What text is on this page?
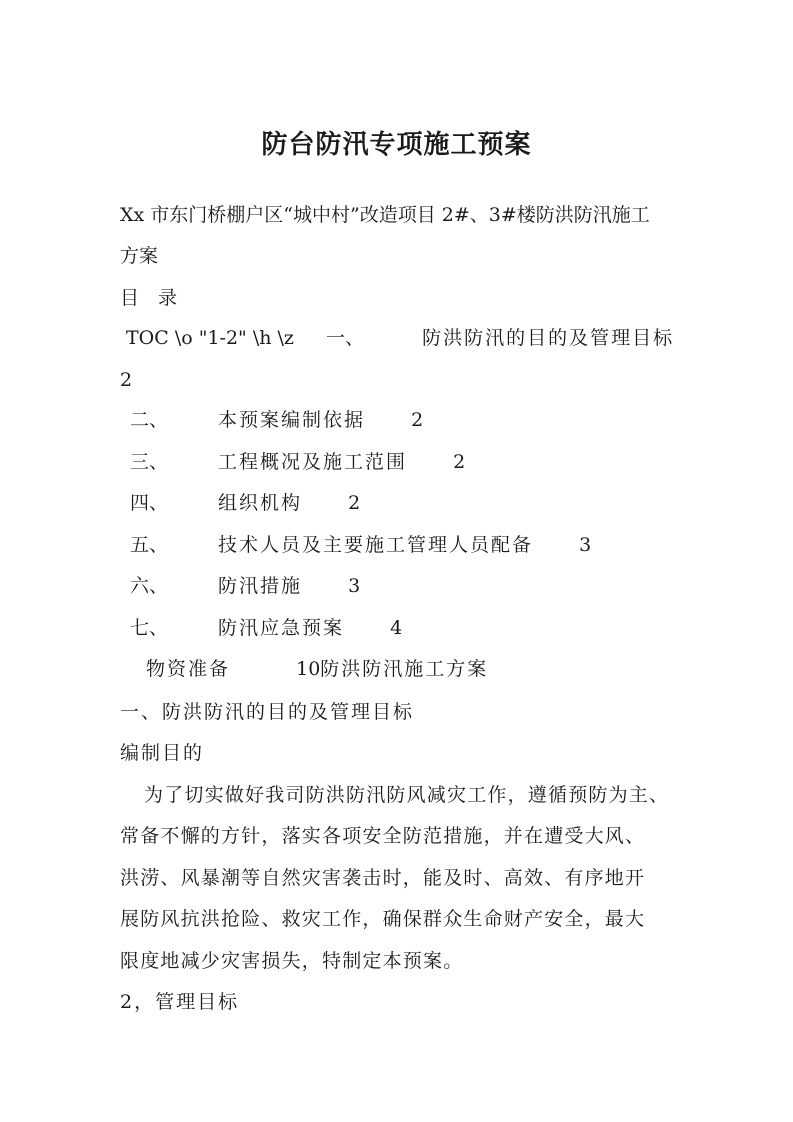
防台防汛专项施工预案
Xx 市东门桥棚户区“城中村”改造项目 2#、3#楼防洪防汛施工
方案
目　录
TOC \o "1-2" \h \z 一、	防洪防汛的目的及管理目标
2
二、	本预案编制依据 2
三、	工程概况及施工范围 2
四、	组织机构 2
五、	技术人员及主要施工管理人员配备 3
六、	防汛措施 3
七、	防汛应急预案 4
物资准备	10防洪防汛施工方案
一、防洪防汛的目的及管理目标
编制目的
为了切实做好我司防洪防汛防风减灾工作，遵循预防为主、
常备不懈的方针，落实各项安全防范措施，并在遭受大风、
洪涝、风暴潮等自然灾害袭击时，能及时、高效、有序地开
展防风抗洪抢险、救灾工作，确保群众生命财产安全，最大
限度地减少灾害损失，特制定本预案。
2，管理目标
